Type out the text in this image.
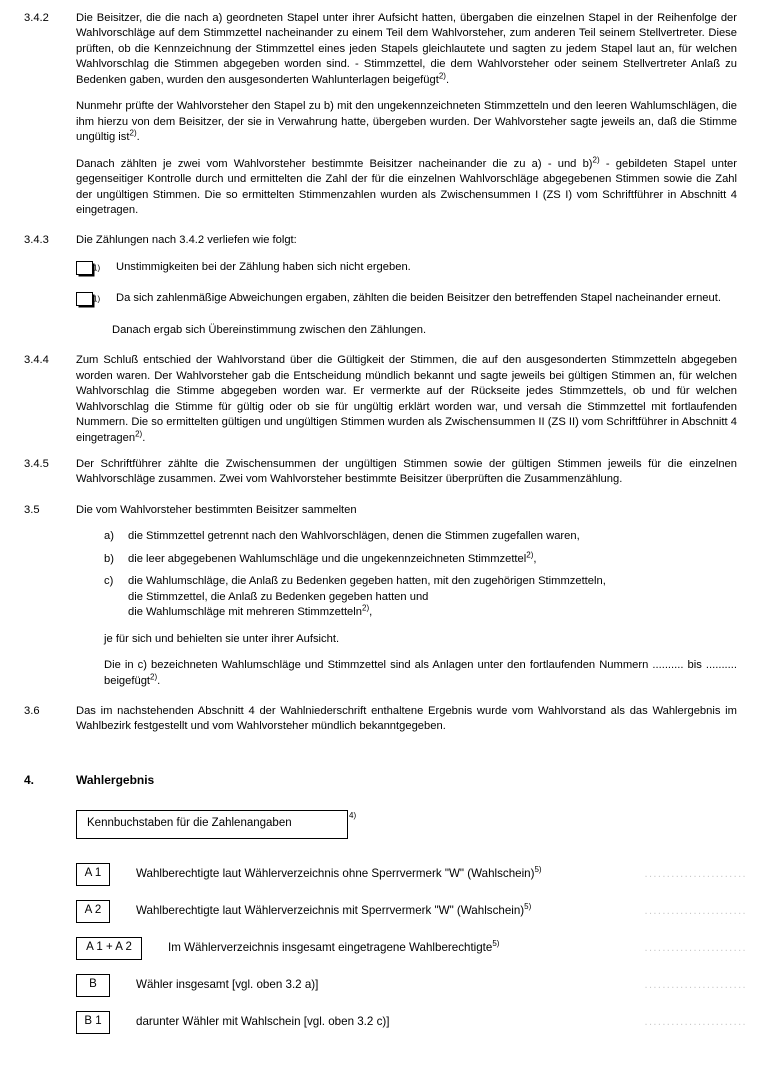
3.4.2	Die Beisitzer, die die nach a) geordneten Stapel unter ihrer Aufsicht hatten, übergaben die einzelnen Stapel in der Reihenfolge der Wahlvorschläge auf dem Stimmzettel nacheinander zu einem Teil dem Wahlvorsteher, zum anderen Teil seinem Stellvertreter. Diese prüften, ob die Kennzeichnung der Stimmzettel eines jeden Stapels gleichlautete und sagten zu jedem Stapel laut an, für welchen Wahlvorschlag die Stimmen abgegeben worden sind. - Stimmzettel, die dem Wahlvorsteher oder seinem Stellvertreter Anlaß zu Bedenken gaben, wurden den ausgesonderten Wahlunterlagen beigefügt$^{2)}$.
Nunmehr prüfte der Wahlvorsteher den Stapel zu b) mit den ungekennzeichneten Stimmzetteln und den leeren Wahlumschlägen, die ihm hierzu von dem Beisitzer, der sie in Verwahrung hatte, übergeben wurden. Der Wahlvorsteher sagte jeweils an, daß die Stimme ungültig ist$^{2)}$.
Danach zählten je zwei vom Wahlvorsteher bestimmte Beisitzer nacheinander die zu a) - und b)$^{2)}$ - gebildeten Stapel unter gegenseitiger Kontrolle durch und ermittelten die Zahl der für die einzelnen Wahlvorschläge abgegebenen Stimmen sowie die Zahl der ungültigen Stimmen. Die so ermittelten Stimmenzahlen wurden als Zwischensummen I (ZS I) vom Schriftführer in Abschnitt 4 eingetragen.
3.4.3	Die Zählungen nach 3.4.2 verliefen wie folgt:
$^{1)}$	Unstimmigkeiten bei der Zählung haben sich nicht ergeben.
$^{1)}$	Da sich zahlenmäßige Abweichungen ergaben, zählten die beiden Beisitzer den betreffenden Stapel nacheinander erneut.
Danach ergab sich Übereinstimmung zwischen den Zählungen.
3.4.4	Zum Schluß entschied der Wahlvorstand über die Gültigkeit der Stimmen, die auf den ausgesonderten Stimmzetteln abgegeben worden waren. Der Wahlvorsteher gab die Entscheidung mündlich bekannt und sagte jeweils bei gültigen Stimmen an, für welchen Wahlvorschlag die Stimme abgegeben worden war. Er vermerkte auf der Rückseite jedes Stimmzettels, ob und für welchen Wahlvorschlag die Stimme für gültig oder ob sie für ungültig erklärt worden war, und versah die Stimmzettel mit fortlaufenden Nummern. Die so ermittelten gültigen und ungültigen Stimmen wurden als Zwischensummen II (ZS II) vom Schriftführer in Abschnitt 4 eingetragen$^{2)}$.
3.4.5	Der Schriftführer zählte die Zwischensummen der ungültigen Stimmen sowie der gültigen Stimmen jeweils für die einzelnen Wahlvorschläge zusammen. Zwei vom Wahlvorsteher bestimmte Beisitzer überprüften die Zusammenzählung.
3.5	Die vom Wahlvorsteher bestimmten Beisitzer sammelten
a)	die Stimmzettel getrennt nach den Wahlvorschlägen, denen die Stimmen zugefallen waren,
b)	die leer abgegebenen Wahlumschläge und die ungekennzeichneten Stimmzettel$^{2)}$,
c)	die Wahlumschläge, die Anlaß zu Bedenken gegeben hatten, mit den zugehörigen Stimmzetteln,
die Stimmzettel, die Anlaß zu Bedenken gegeben hatten und
die Wahlumschläge mit mehreren Stimmzetteln$^{2)}$,
je für sich und behielten sie unter ihrer Aufsicht.
Die in c) bezeichneten Wahlumschläge und Stimmzettel sind als Anlagen unter den fortlaufenden Nummern .......... bis .......... beigefügt$^{2)}$.
3.6	Das im nachstehenden Abschnitt 4 der Wahlniederschrift enthaltene Ergebnis wurde vom Wahlvorstand als das Wahlergebnis im Wahlbezirk festgestellt und vom Wahlvorsteher mündlich bekanntgegeben.
4.	Wahlergebnis
Kennbuchstaben für die Zahlenangaben
4)
A 1	Wahlberechtigte laut Wählerverzeichnis ohne Sperrvermerk "W" (Wahlschein)$^{5)}$	.......................
A 2	Wahlberechtigte laut Wählerverzeichnis mit Sperrvermerk "W" (Wahlschein)$^{5)}$	.......................
A 1 + A 2	Im Wählerverzeichnis insgesamt eingetragene Wahlberechtigte$^{5)}$	.......................
B	Wähler insgesamt [vgl. oben 3.2 a)]	.......................
B 1	darunter Wähler mit Wahlschein [vgl. oben 3.2 c)]	.......................
